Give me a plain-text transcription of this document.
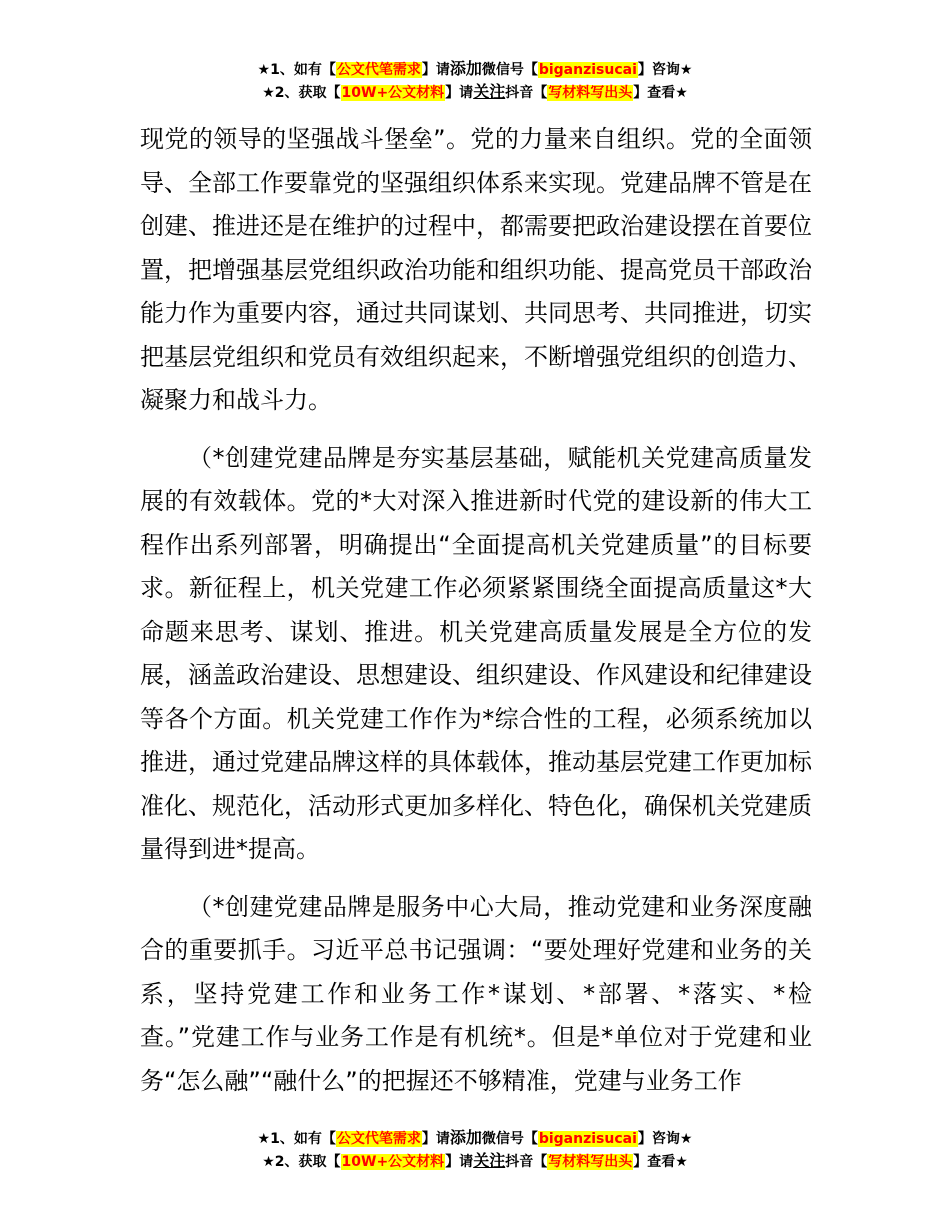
★1、如有【公文代笔需求】请添加微信号【biganzisucai】咨询★
★2、获取【10W+公文材料】请关注抖音【写材料写出头】查看★

现党的领导的坚强战斗堡垒”。党的力量来自组织。党的全面领导、全部工作要靠党的坚强组织体系来实现。党建品牌不管是在创建、推进还是在维护的过程中，都需要把政治建设摆在首要位置，把增强基层党组织政治功能和组织功能、提高党员干部政治能力作为重要内容，通过共同谋划、共同思考、共同推进，切实把基层党组织和党员有效组织起来，不断增强党组织的创造力、凝聚力和战斗力。

（*创建党建品牌是夯实基层基础，赋能机关党建高质量发展的有效载体。党的*大对深入推进新时代党的建设新的伟大工程作出系列部署，明确提出“全面提高机关党建质量”的目标要求。新征程上，机关党建工作必须紧紧围绕全面提高质量这*大命题来思考、谋划、推进。机关党建高质量发展是全方位的发展，涵盖政治建设、思想建设、组织建设、作风建设和纪律建设等各个方面。机关党建工作作为*综合性的工程，必须系统加以推进，通过党建品牌这样的具体载体，推动基层党建工作更加标准化、规范化，活动形式更加多样化、特色化，确保机关党建质量得到进*提高。

（*创建党建品牌是服务中心大局，推动党建和业务深度融合的重要抓手。习近平总书记强调：“要处理好党建和业务的关系，坚持党建工作和业务工作*谋划、*部署、*落实、*检查。”党建工作与业务工作是有机统*。但是*单位对于党建和业务“怎么融”“融什么”的把握还不够精准，党建与业务工作

★1、如有【公文代笔需求】请添加微信号【biganzisucai】咨询★
★2、获取【10W+公文材料】请关注抖音【写材料写出头】查看★
